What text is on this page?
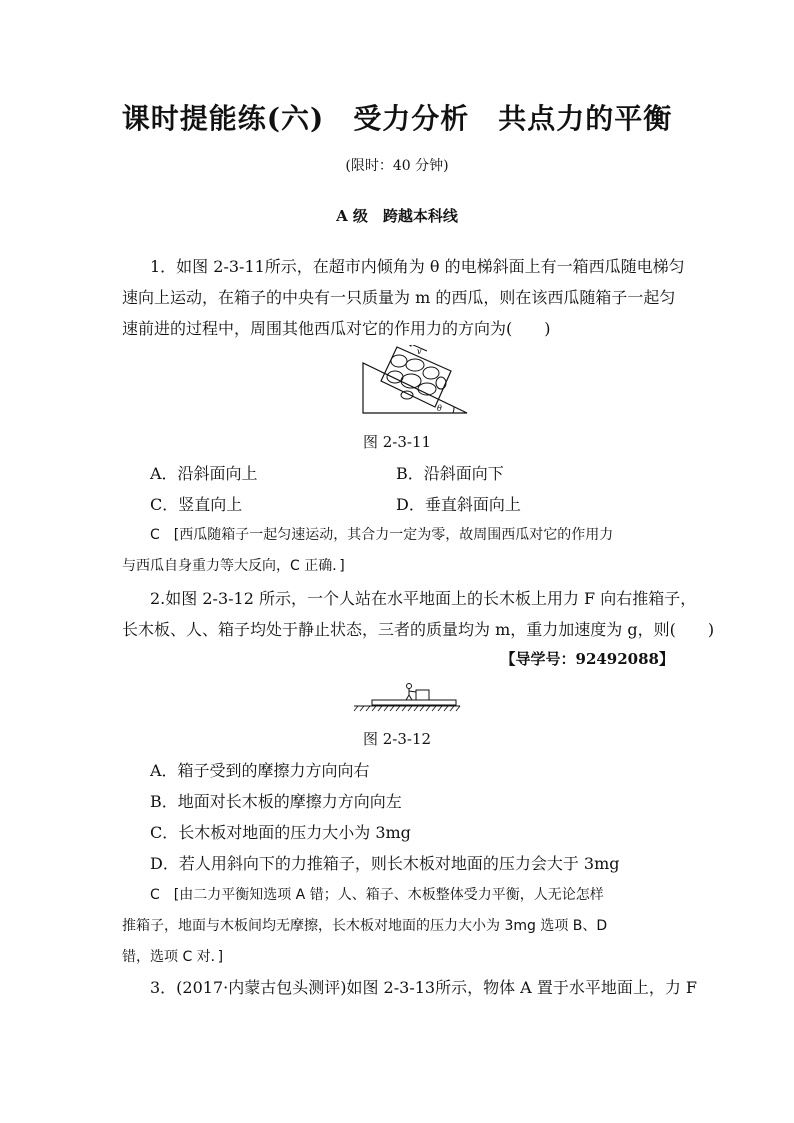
课时提能练(六)　受力分析　共点力的平衡
(限时：40 分钟)
A 级　跨越本科线
1．如图 2-3-11所示，在超市内倾角为 θ 的电梯斜面上有一箱西瓜随电梯匀
速向上运动，在箱子的中央有一只质量为 m 的西瓜，则在该西瓜随箱子一起匀
速前进的过程中，周围其他西瓜对它的作用力的方向为(　　)
v
θ
图 2-3-11
A．沿斜面向上	B．沿斜面向下
C．竖直向上	D．垂直斜面向上
C　[西瓜随箱子一起匀速运动，其合力一定为零，故周围西瓜对它的作用力
与西瓜自身重力等大反向，C 正确．]
2.如图 2-3-12 所示，一个人站在水平地面上的长木板上用力 F 向右推箱子，
长木板、人、箱子均处于静止状态，三者的质量均为 m，重力加速度为 g，则(　　)
【导学号：92492088】
图 2-3-12
A．箱子受到的摩擦力方向向右
B．地面对长木板的摩擦力方向向左
C．长木板对地面的压力大小为 3mg
D．若人用斜向下的力推箱子，则长木板对地面的压力会大于 3mg
C　[由二力平衡知选项 A 错；人、箱子、木板整体受力平衡，人无论怎样
推箱子，地面与木板间均无摩擦，长木板对地面的压力大小为 3mg 选项 B、D
错，选项 C 对．]
3．(2017·内蒙古包头测评)如图 2-3-13所示，物体 A 置于水平地面上，力 F
